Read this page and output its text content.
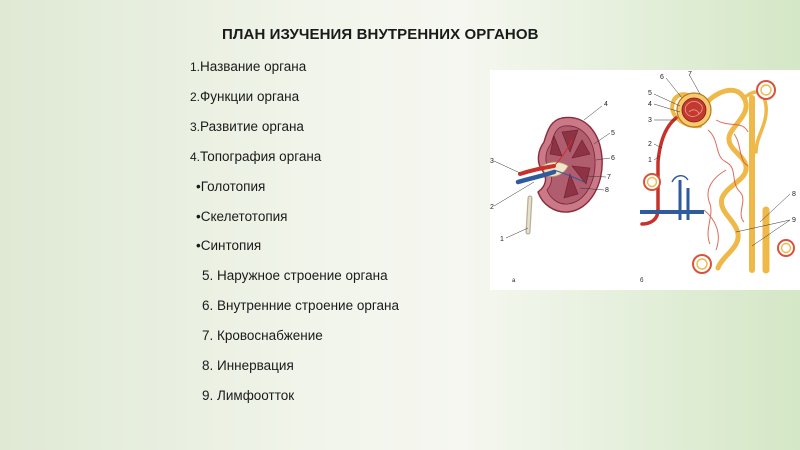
ПЛАН ИЗУЧЕНИЯ ВНУТРЕННИХ ОРГАНОВ
1.Название органа
2.Функции органа
3.Развитие органа
4.Топография органа
•Голотопия
•Скелетотопия
•Синтопия
5. Наружное строение органа
6. Внутренние строение органа
7. Кровоснабжение
8. Иннервация
9. Лимфоотток
4
5
6
7
8
3
2
1
а
6	7
5
4
3
2
1
8
9
б
